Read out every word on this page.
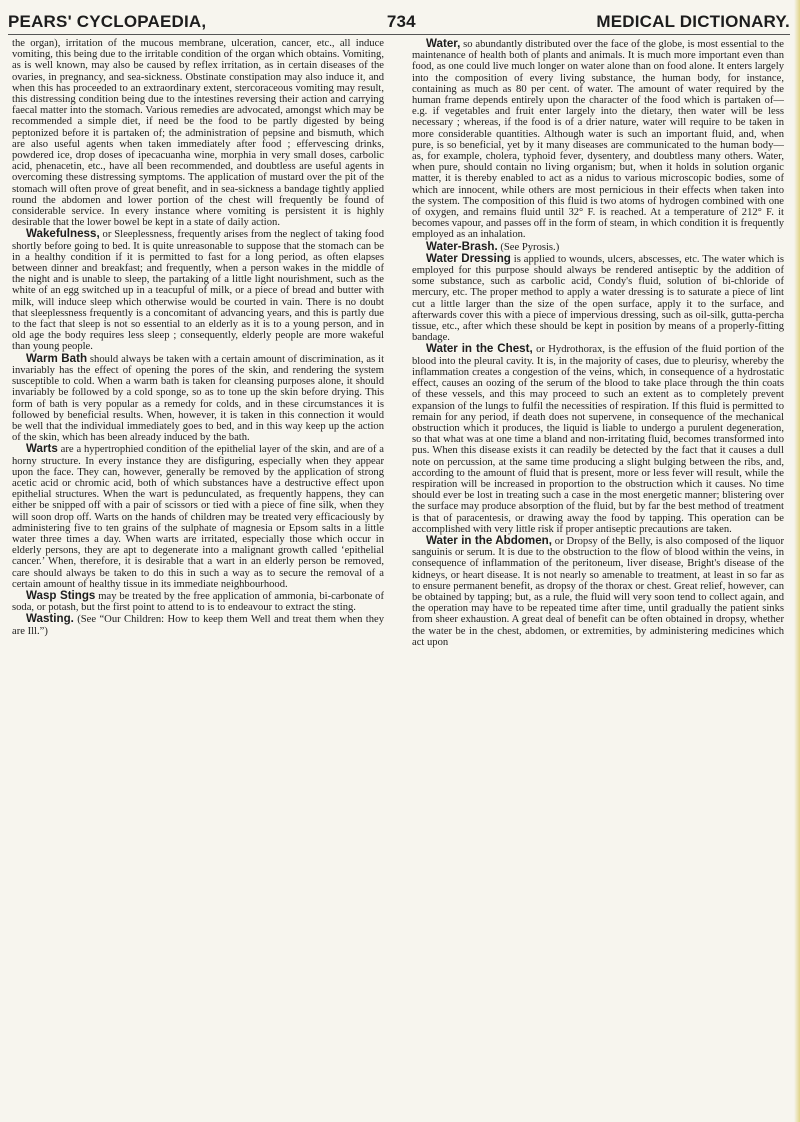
PEARS' CYCLOPAEDIA,	734	MEDICAL DICTIONARY.

the organ), irritation of the mucous membrane, ulceration, cancer, etc., all induce vomiting, this being due to the irritable condition of the organ which obtains. Vomiting, as is well known, may also be caused by reflex irritation, as in certain diseases of the ovaries, in pregnancy, and sea-sickness. Obstinate constipation may also induce it, and when this has proceeded to an extraordinary extent, stercoraceous vomiting may result, this distressing condition being due to the intestines reversing their action and carrying faecal matter into the stomach. Various remedies are advocated, amongst which may be recommended a simple diet, if need be the food to be partly digested by being peptonized before it is partaken of; the administration of pepsine and bismuth, which are also useful agents when taken immediately after food ; effervescing drinks, powdered ice, drop doses of ipecacuanha wine, morphia in very small doses, carbolic acid, phenacetin, etc., have all been recommended, and doubtless are useful agents in overcoming these distressing symptoms. The application of mustard over the pit of the stomach will often prove of great benefit, and in sea-sickness a bandage tightly applied round the abdomen and lower portion of the chest will frequently be found of considerable service. In every instance where vomiting is persistent it is highly desirable that the lower bowel be kept in a state of daily action.

Wakefulness, or Sleeplessness, frequently arises from the neglect of taking food shortly before going to bed. It is quite unreasonable to suppose that the stomach can be in a healthy condition if it is permitted to fast for a long period, as often elapses between dinner and breakfast; and frequently, when a person wakes in the middle of the night and is unable to sleep, the partaking of a little light nourishment, such as the white of an egg switched up in a teacupful of milk, or a piece of bread and butter with milk, will induce sleep which otherwise would be courted in vain. There is no doubt that sleeplessness frequently is a concomitant of advancing years, and this is partly due to the fact that sleep is not so essential to an elderly as it is to a young person, and in old age the body requires less sleep ; consequently, elderly people are more wakeful than young people.

Warm Bath should always be taken with a certain amount of discrimination, as it invariably has the effect of opening the pores of the skin, and rendering the system susceptible to cold. When a warm bath is taken for cleansing purposes alone, it should invariably be followed by a cold sponge, so as to tone up the skin before drying. This form of bath is very popular as a remedy for colds, and in these circumstances it is followed by beneficial results. When, however, it is taken in this connection it would be well that the individual immediately goes to bed, and in this way keep up the action of the skin, which has been already induced by the bath.

Warts are a hypertrophied condition of the epithelial layer of the skin, and are of a horny structure. In every instance they are disfiguring, especially when they appear upon the face. They can, however, generally be removed by the application of strong acetic acid or chromic acid, both of which substances have a destructive effect upon epithelial structures. When the wart is pedunculated, as frequently happens, they can either be snipped off with a pair of scissors or tied with a piece of fine silk, when they will soon drop off. Warts on the hands of children may be treated very efficaciously by administering five to ten grains of the sulphate of magnesia or Epsom salts in a little water three times a day. When warts are irritated, especially those which occur in elderly persons, they are apt to degenerate into a malignant growth called ‘epithelial cancer.’ When, therefore, it is desirable that a wart in an elderly person be removed, care should always be taken to do this in such a way as to secure the removal of a certain amount of healthy tissue in its immediate neighbourhood.

Wasp Stings may be treated by the free application of ammonia, bi-carbonate of soda, or potash, but the first point to attend to is to endeavour to extract the sting.

Wasting. (See “Our Children: How to keep them Well and treat them when they are Ill.”)

Water, so abundantly distributed over the face of the globe, is most essential to the maintenance of health both of plants and animals. It is much more important even than food, as one could live much longer on water alone than on food alone. It enters largely into the composition of every living substance, the human body, for instance, containing as much as 80 per cent. of water. The amount of water required by the human frame depends entirely upon the character of the food which is partaken of—e.g. if vegetables and fruit enter largely into the dietary, then water will be less necessary ; whereas, if the food is of a drier nature, water will require to be taken in more considerable quantities. Although water is such an important fluid, and, when pure, is so beneficial, yet by it many diseases are communicated to the human body—as, for example, cholera, typhoid fever, dysentery, and doubtless many others. Water, when pure, should contain no living organism; but, when it holds in solution organic matter, it is thereby enabled to act as a nidus to various microscopic bodies, some of which are innocent, while others are most pernicious in their effects when taken into the system. The composition of this fluid is two atoms of hydrogen combined with one of oxygen, and remains fluid until 32° F. is reached. At a temperature of 212° F. it becomes vapour, and passes off in the form of steam, in which condition it is frequently employed as an inhalation.

Water-Brash. (See Pyrosis.)

Water Dressing is applied to wounds, ulcers, abscesses, etc. The water which is employed for this purpose should always be rendered antiseptic by the addition of some substance, such as carbolic acid, Condy's fluid, solution of bi-chloride of mercury, etc. The proper method to apply a water dressing is to saturate a piece of lint cut a little larger than the size of the open surface, apply it to the surface, and afterwards cover this with a piece of impervious dressing, such as oil-silk, gutta-percha tissue, etc., after which these should be kept in position by means of a properly-fitting bandage.

Water in the Chest, or Hydrothorax, is the effusion of the fluid portion of the blood into the pleural cavity. It is, in the majority of cases, due to pleurisy, whereby the inflammation creates a congestion of the veins, which, in consequence of a hydrostatic effect, causes an oozing of the serum of the blood to take place through the thin coats of these vessels, and this may proceed to such an extent as to completely prevent expansion of the lungs to fulfil the necessities of respiration. If this fluid is permitted to remain for any period, if death does not supervene, in consequence of the mechanical obstruction which it produces, the liquid is liable to undergo a purulent degeneration, so that what was at one time a bland and non-irritating fluid, becomes transformed into pus. When this disease exists it can readily be detected by the fact that it causes a dull note on percussion, at the same time producing a slight bulging between the ribs, and, according to the amount of fluid that is present, more or less fever will result, while the respiration will be increased in proportion to the obstruction which it causes. No time should ever be lost in treating such a case in the most energetic manner; blistering over the surface may produce absorption of the fluid, but by far the best method of treatment is that of paracentesis, or drawing away the food by tapping. This operation can be accomplished with very little risk if proper antiseptic precautions are taken.

Water in the Abdomen, or Dropsy of the Belly, is also composed of the liquor sanguinis or serum. It is due to the obstruction to the flow of blood within the veins, in consequence of inflammation of the peritoneum, liver disease, Bright's disease of the kidneys, or heart disease. It is not nearly so amenable to treatment, at least in so far as to ensure permanent benefit, as dropsy of the thorax or chest. Great relief, however, can be obtained by tapping; but, as a rule, the fluid will very soon tend to collect again, and the operation may have to be repeated time after time, until gradually the patient sinks from sheer exhaustion. A great deal of benefit can be often obtained in dropsy, whether the water be in the chest, abdomen, or extremities, by administering medicines which act upon
